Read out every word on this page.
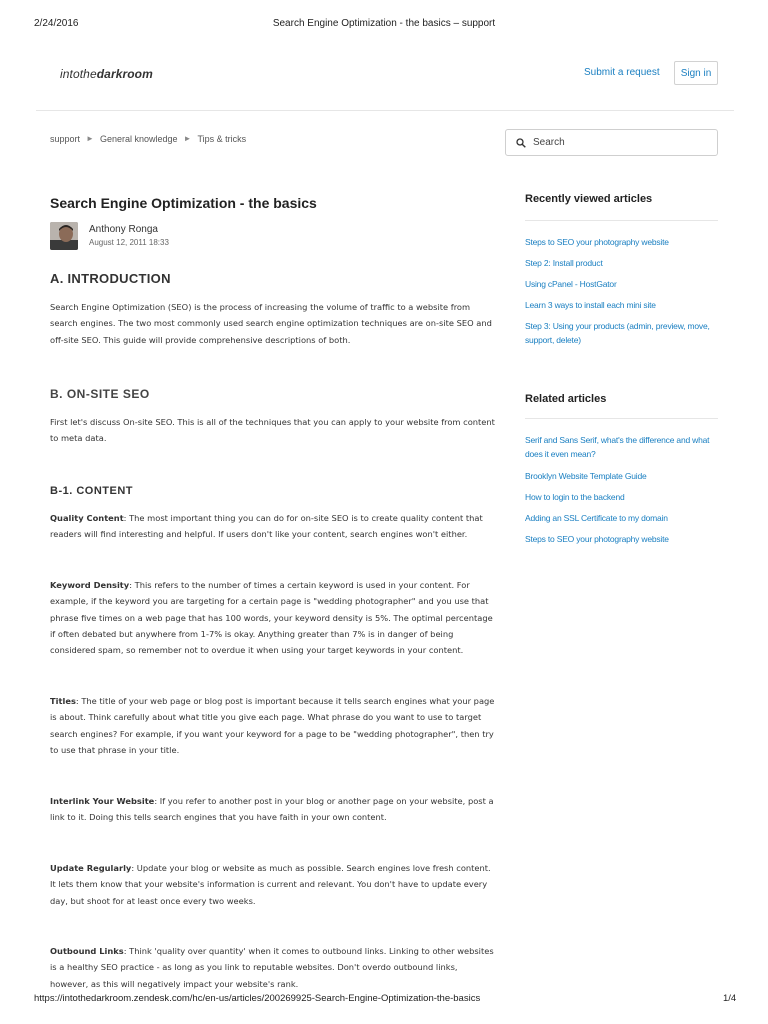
2/24/2016	Search Engine Optimization - the basics – support
intothedarkroom	Submit a request	Sign in
support ► General knowledge ► Tips & tricks
Search
Search Engine Optimization - the basics
Anthony Ronga
August 12, 2011 18:33
A. INTRODUCTION

Search Engine Optimization (SEO) is the process of increasing the volume of traffic to a website from search engines. The two most commonly used search engine optimization techniques are on-site SEO and off-site SEO. This guide will provide comprehensive descriptions of both.

B. ON-SITE SEO

First let's discuss On-site SEO. This is all of the techniques that you can apply to your website from content to meta data.

B-1. CONTENT

Quality Content: The most important thing you can do for on-site SEO is to create quality content that readers will find interesting and helpful. If users don't like your content, search engines won't either.

Keyword Density: This refers to the number of times a certain keyword is used in your content. For example, if the keyword you are targeting for a certain page is "wedding photographer" and you use that phrase five times on a web page that has 100 words, your keyword density is 5%. The optimal percentage if often debated but anywhere from 1-7% is okay. Anything greater than 7% is in danger of being considered spam, so remember not to overdue it when using your target keywords in your content.

Titles: The title of your web page or blog post is important because it tells search engines what your page is about. Think carefully about what title you give each page. What phrase do you want to use to target search engines? For example, if you want your keyword for a page to be "wedding photographer", then try to use that phrase in your title.

Interlink Your Website: If you refer to another post in your blog or another page on your website, post a link to it. Doing this tells search engines that you have faith in your own content.

Update Regularly: Update your blog or website as much as possible. Search engines love fresh content. It lets them know that your website's information is current and relevant. You don't have to update every day, but shoot for at least once every two weeks.

Outbound Links: Think 'quality over quantity' when it comes to outbound links. Linking to other websites is a healthy SEO practice - as long as you link to reputable websites. Don't overdo outbound links, however, as this will negatively impact your website's rank.

Recently viewed articles
Steps to SEO your photography website
Step 2: Install product
Using cPanel - HostGator
Learn 3 ways to install each mini site
Step 3: Using your products (admin, preview, move, support, delete)
Related articles
Serif and Sans Serif, what's the difference and what does it even mean?
Brooklyn Website Template Guide
How to login to the backend
Adding an SSL Certificate to my domain
Steps to SEO your photography website
https://intothedarkroom.zendesk.com/hc/en-us/articles/200269925-Search-Engine-Optimization-the-basics	1/4
